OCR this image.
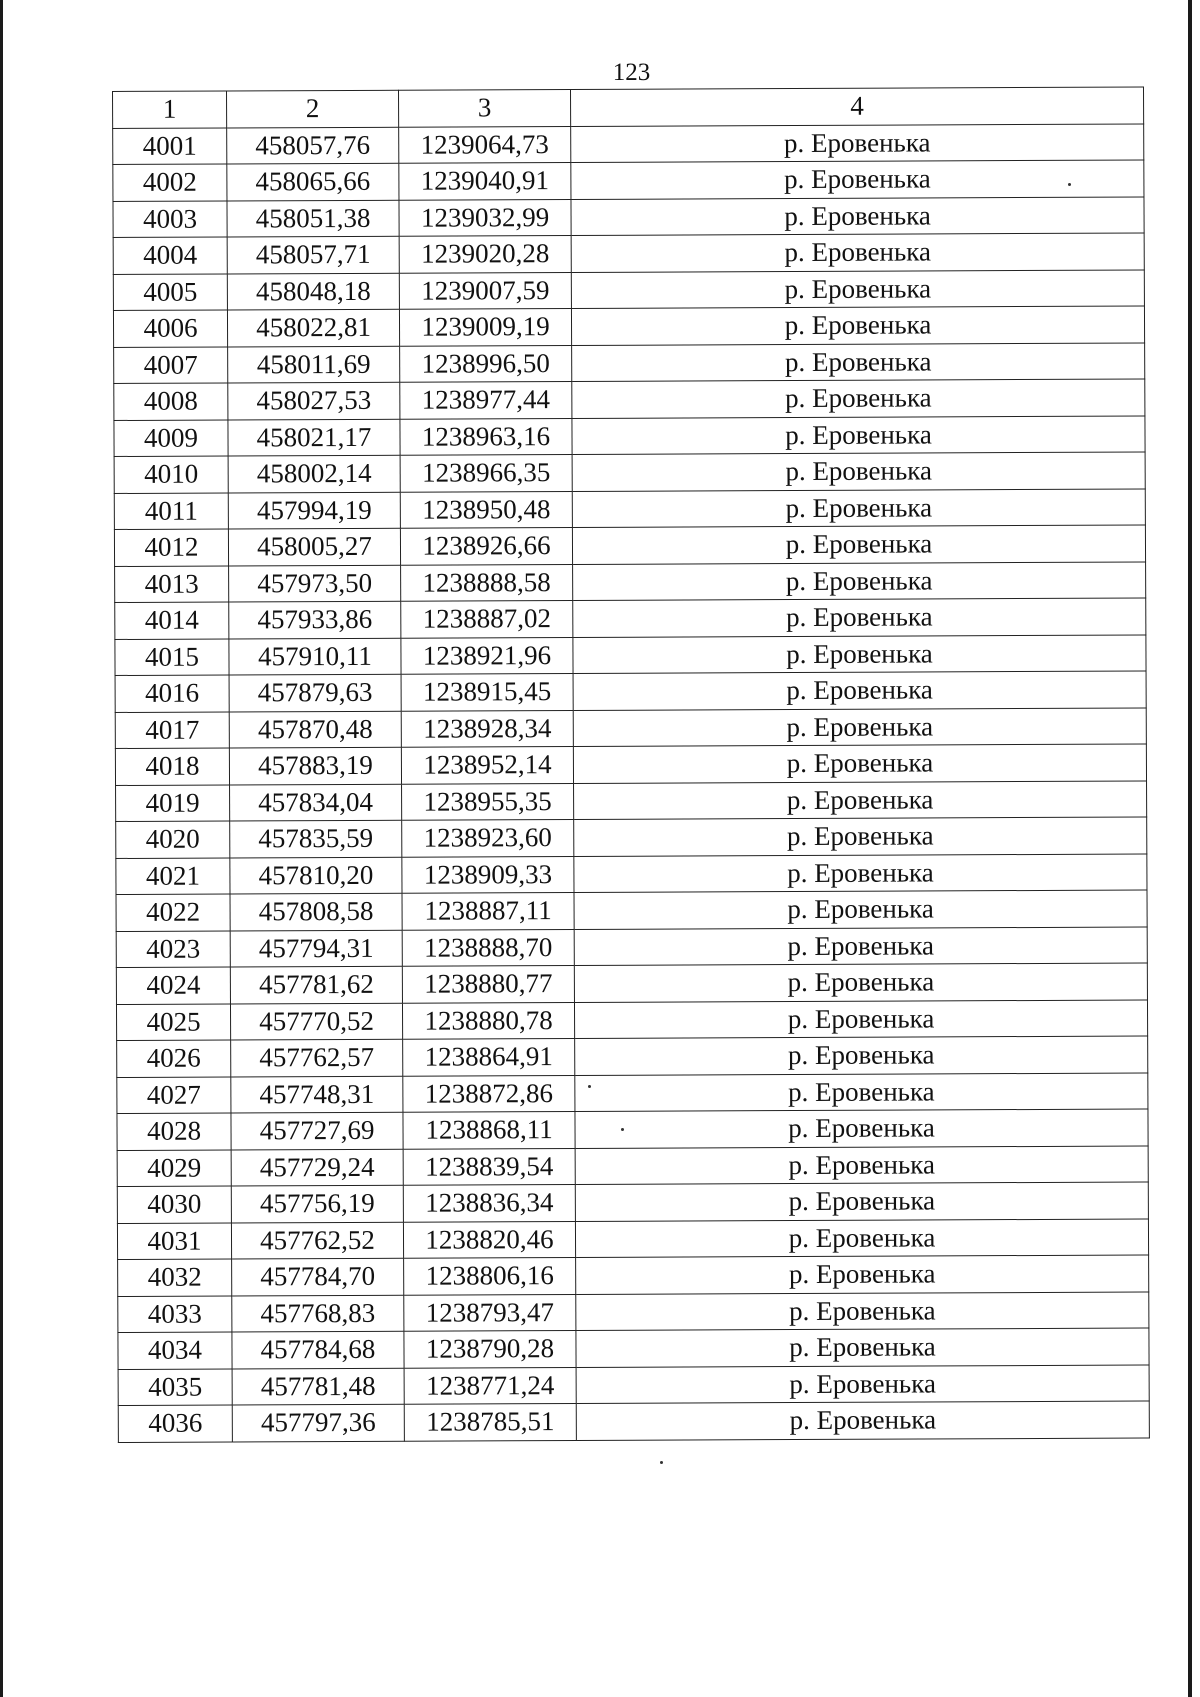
123
1	2	3	4
4001	458057,76	1239064,73	р. Еровенька
4002	458065,66	1239040,91	р. Еровенька
4003	458051,38	1239032,99	р. Еровенька
4004	458057,71	1239020,28	р. Еровенька
4005	458048,18	1239007,59	р. Еровенька
4006	458022,81	1239009,19	р. Еровенька
4007	458011,69	1238996,50	р. Еровенька
4008	458027,53	1238977,44	р. Еровенька
4009	458021,17	1238963,16	р. Еровенька
4010	458002,14	1238966,35	р. Еровенька
4011	457994,19	1238950,48	р. Еровенька
4012	458005,27	1238926,66	р. Еровенька
4013	457973,50	1238888,58	р. Еровенька
4014	457933,86	1238887,02	р. Еровенька
4015	457910,11	1238921,96	р. Еровенька
4016	457879,63	1238915,45	р. Еровенька
4017	457870,48	1238928,34	р. Еровенька
4018	457883,19	1238952,14	р. Еровенька
4019	457834,04	1238955,35	р. Еровенька
4020	457835,59	1238923,60	р. Еровенька
4021	457810,20	1238909,33	р. Еровенька
4022	457808,58	1238887,11	р. Еровенька
4023	457794,31	1238888,70	р. Еровенька
4024	457781,62	1238880,77	р. Еровенька
4025	457770,52	1238880,78	р. Еровенька
4026	457762,57	1238864,91	р. Еровенька
4027	457748,31	1238872,86	р. Еровенька
4028	457727,69	1238868,11	р. Еровенька
4029	457729,24	1238839,54	р. Еровенька
4030	457756,19	1238836,34	р. Еровенька
4031	457762,52	1238820,46	р. Еровенька
4032	457784,70	1238806,16	р. Еровенька
4033	457768,83	1238793,47	р. Еровенька
4034	457784,68	1238790,28	р. Еровенька
4035	457781,48	1238771,24	р. Еровенька
4036	457797,36	1238785,51	р. Еровенька
